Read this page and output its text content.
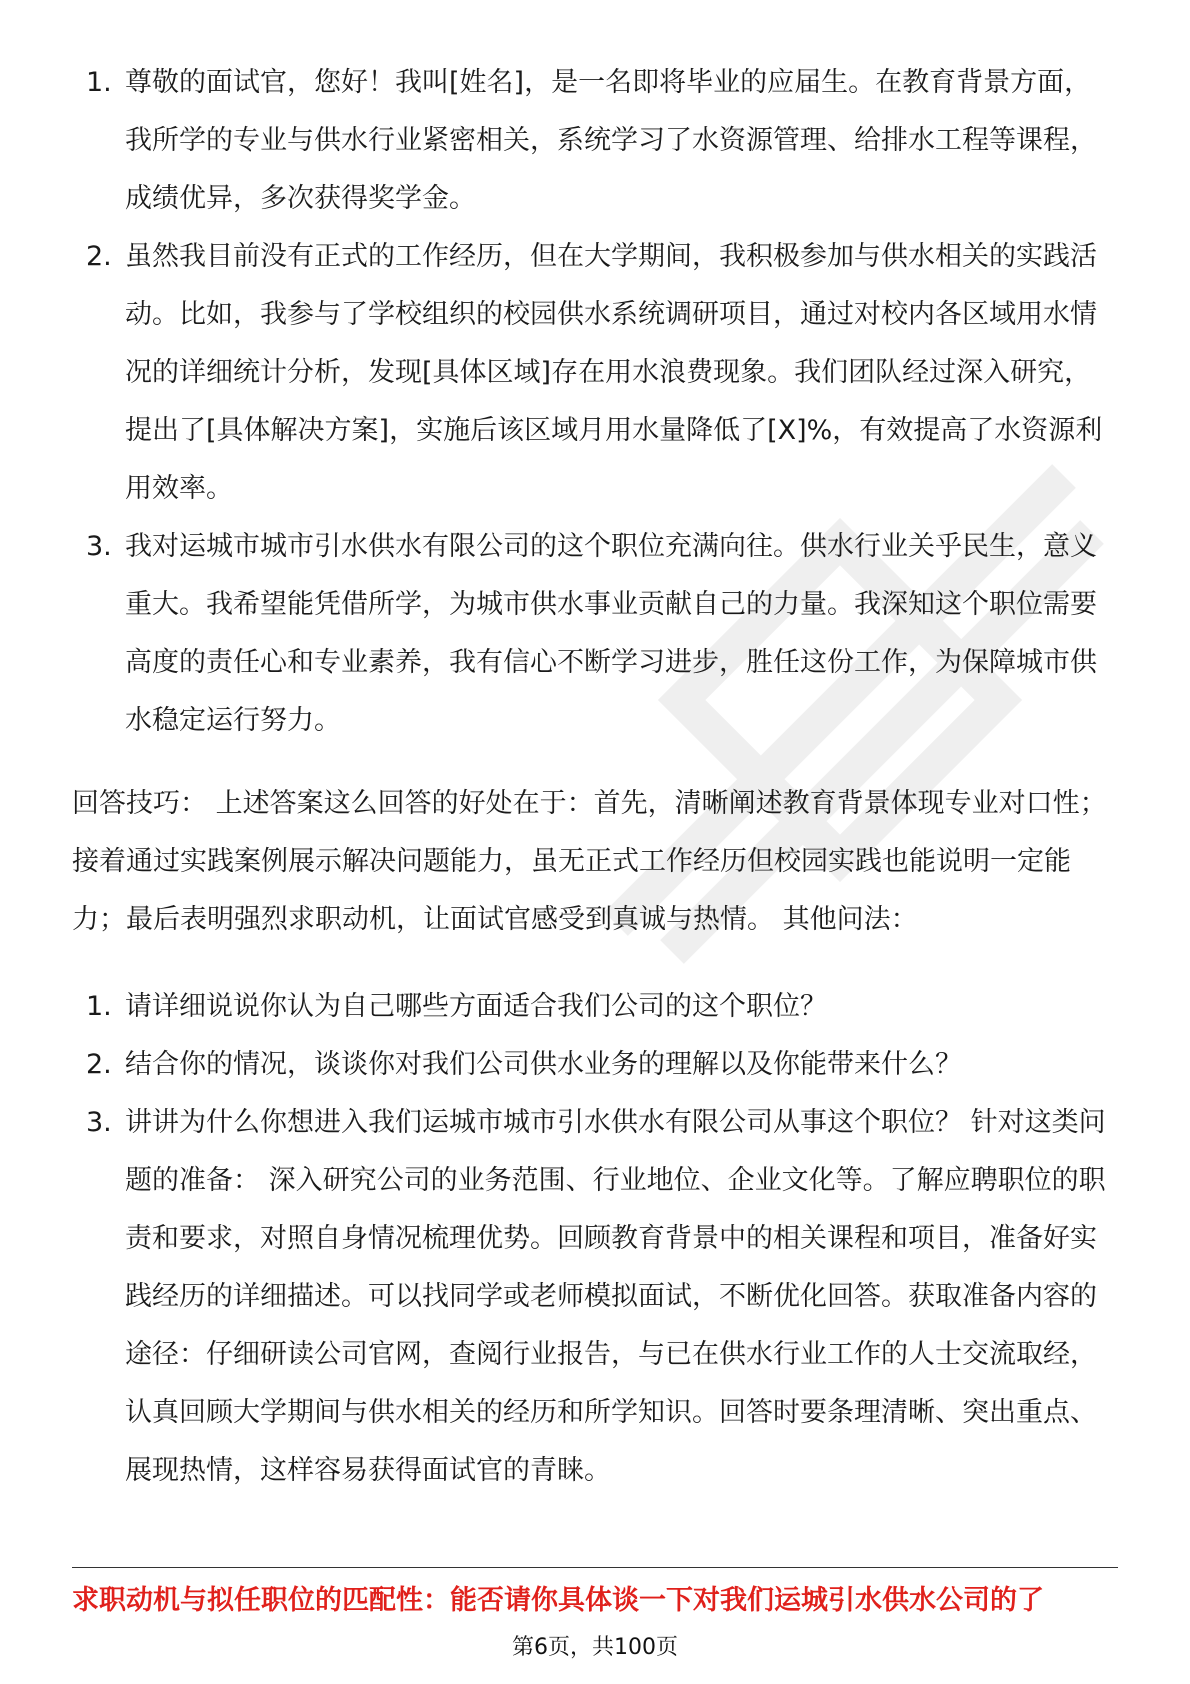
1. 尊敬的面试官，您好！我叫[姓名]，是一名即将毕业的应届生。在教育背景方面，我所学的专业与供水行业紧密相关，系统学习了水资源管理、给排水工程等课程，成绩优异，多次获得奖学金。
2. 虽然我目前没有正式的工作经历，但在大学期间，我积极参加与供水相关的实践活动。比如，我参与了学校组织的校园供水系统调研项目，通过对校内各区域用水情况的详细统计分析，发现[具体区域]存在用水浪费现象。我们团队经过深入研究，提出了[具体解决方案]，实施后该区域月用水量降低了[X]%，有效提高了水资源利用效率。
3. 我对运城市城市引水供水有限公司的这个职位充满向往。供水行业关乎民生，意义重大。我希望能凭借所学，为城市供水事业贡献自己的力量。我深知这个职位需要高度的责任心和专业素养，我有信心不断学习进步，胜任这份工作，为保障城市供水稳定运行努力。

回答技巧： 上述答案这么回答的好处在于：首先，清晰阐述教育背景体现专业对口性；接着通过实践案例展示解决问题能力，虽无正式工作经历但校园实践也能说明一定能力；最后表明强烈求职动机，让面试官感受到真诚与热情。 其他问法：

1. 请详细说说你认为自己哪些方面适合我们公司的这个职位？
2. 结合你的情况，谈谈你对我们公司供水业务的理解以及你能带来什么？
3. 讲讲为什么你想进入我们运城市城市引水供水有限公司从事这个职位？ 针对这类问题的准备： 深入研究公司的业务范围、行业地位、企业文化等。了解应聘职位的职责和要求，对照自身情况梳理优势。回顾教育背景中的相关课程和项目，准备好实践经历的详细描述。可以找同学或老师模拟面试，不断优化回答。获取准备内容的途径：仔细研读公司官网，查阅行业报告，与已在供水行业工作的人士交流取经，认真回顾大学期间与供水相关的经历和所学知识。回答时要条理清晰、突出重点、展现热情，这样容易获得面试官的青睐。

求职动机与拟任职位的匹配性：能否请你具体谈一下对我们运城引水供水公司的了

第6页，共100页
